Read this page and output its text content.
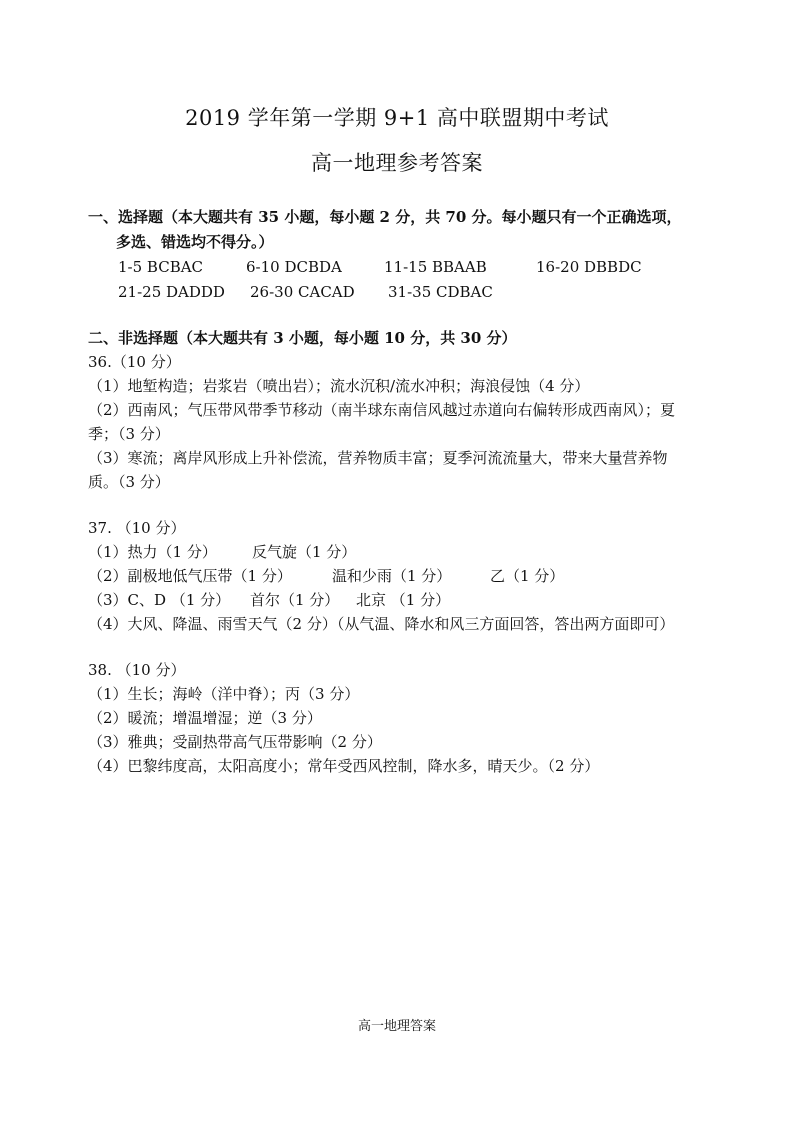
2019 学年第一学期 9+1 高中联盟期中考试
高一地理参考答案
一、选择题（本大题共有 35 小题，每小题 2 分，共 70 分。每小题只有一个正确选项，
多选、错选均不得分。）
1-5 BCBAC	6-10 DCBDA	11-15 BBAAB	16-20 DBBDC
21-25 DADDD 26-30 CACAD 31-35 CDBAC
二、非选择题（本大题共有 3 小题，每小题 10 分，共 30 分）
36.（10 分）
（1）地堑构造；岩浆岩（喷出岩）；流水沉积/流水冲积；海浪侵蚀（4 分）
（2）西南风；气压带风带季节移动（南半球东南信风越过赤道向右偏转形成西南风）；夏
季；（3 分）
（3）寒流；离岸风形成上升补偿流，营养物质丰富；夏季河流流量大，带来大量营养物
质。（3 分）
37. （10 分）
（1）热力（1 分） 反气旋（1 分）
（2）副极地低气压带（1 分）	温和少雨（1 分）	乙（1 分）
（3）C、D （1 分） 首尔（1 分） 北京 （1 分）
（4）大风、降温、雨雪天气（2 分）（从气温、降水和风三方面回答，答出两方面即可）
38. （10 分）
（1）生长；海岭（洋中脊）；丙（3 分）
（2）暖流；增温增湿；逆（3 分）
（3）雅典；受副热带高气压带影响（2 分）
（4）巴黎纬度高，太阳高度小；常年受西风控制，降水多，晴天少。（2 分）
高一地理答案
